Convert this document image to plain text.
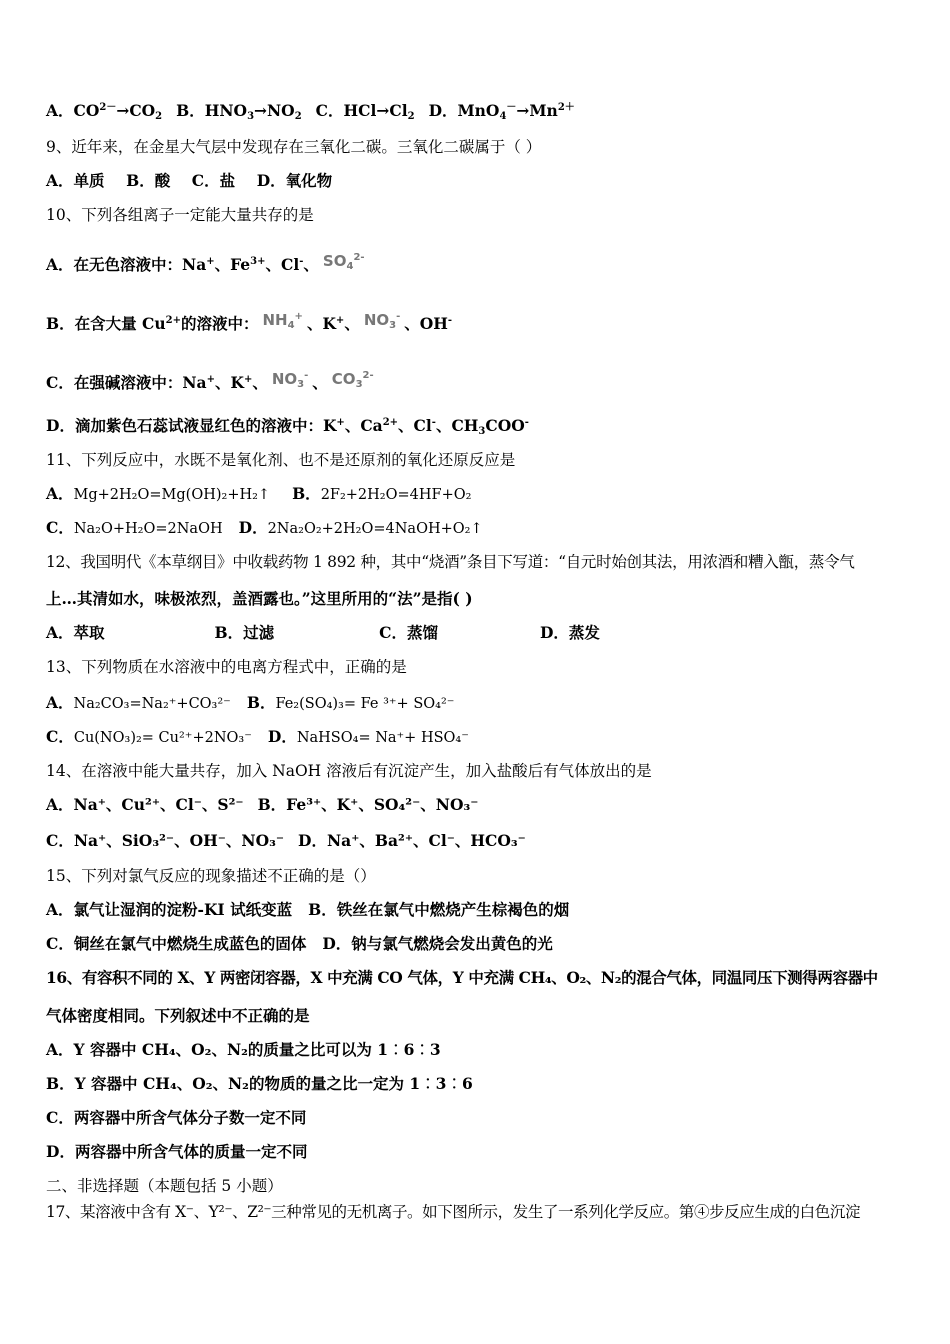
A．$CO^{2-}\to CO_2$ B．$HNO_3\to NO_2$ C．$HCl\to Cl_2$ D．$MnO_4^-\to Mn^{2+}$
9、近年来，在金星大气层中发现存在三氧化二碳。三氧化二碳属于（ ）
A．单质    B．酸    C．盐    D．氧化物
10、下列各组离子一定能大量共存的是
A．在无色溶液中：Na+、$Fe^{3+}$、Cl-、 $SO_4^{2-}$
B．在含大量 $Cu^{2+}$的溶液中： $NH_4^+$ 、K+、 $NO_3^-$ 、OH-
C．在强碱溶液中：Na+、K+、 $NO_3^-$ 、 $CO_3^{2-}$
D．滴加紫色石蕊试液显红色的溶液中：K+、$Ca^{2+}$、Cl-、$CH_3COO^-$
11、下列反应中，水既不是氧化剂、也不是还原剂的氧化还原反应是
A．Mg+2H₂O=Mg(OH)₂+H₂↑ B．2F₂+2H₂O=4HF+O₂
C．Na₂O+H₂O=2NaOH D．2Na₂O₂+2H₂O=4NaOH+O₂↑
12、我国明代《本草纲目》中收载药物 1 892 种，其中“烧酒”条目下写道：“自元时始创其法，用浓酒和糟入甑，蒸令气
上…其清如水，味极浓烈，盖酒露也。”这里所用的“法”是指( )
A．萃取	B．过滤	C．蒸馏	D．蒸发
13、下列物质在水溶液中的电离方程式中，正确的是
A．Na₂CO₃=Na₂⁺+CO₃²⁻ B．Fe₂(SO₄)₃= Fe ³⁺+ SO₄²⁻
C．Cu(NO₃)₂= Cu²⁺+2NO₃⁻ D．NaHSO₄= Na⁺+ HSO₄⁻
14、在溶液中能大量共存，加入 NaOH 溶液后有沉淀产生，加入盐酸后有气体放出的是
A．Na⁺、Cu²⁺、Cl⁻、S²⁻ B．Fe³⁺、K⁺、SO₄²⁻、NO₃⁻
C．Na⁺、SiO₃²⁻、OH⁻、NO₃⁻ D．Na⁺、Ba²⁺、Cl⁻、HCO₃⁻
15、下列对氯气反应的现象描述不正确的是（）
A．氯气让湿润的淀粉-KI 试纸变蓝 B．铁丝在氯气中燃烧产生棕褐色的烟
C．铜丝在氯气中燃烧生成蓝色的固体 D．钠与氯气燃烧会发出黄色的光
16、有容积不同的 X、Y 两密闭容器，X 中充满 CO 气体，Y 中充满 CH₄、O₂、N₂的混合气体，同温同压下测得两容器中
气体密度相同。下列叙述中不正确的是
A．Y 容器中 CH₄、O₂、N₂的质量之比可以为 1︰6︰3
B．Y 容器中 CH₄、O₂、N₂的物质的量之比一定为 1︰3︰6
C．两容器中所含气体分子数一定不同
D．两容器中所含气体的质量一定不同
二、非选择题（本题包括 5 小题）
17、某溶液中含有 X⁻、Y²⁻、Z²⁻三种常见的无机离子。如下图所示，发生了一系列化学反应。第④步反应生成的白色沉淀
